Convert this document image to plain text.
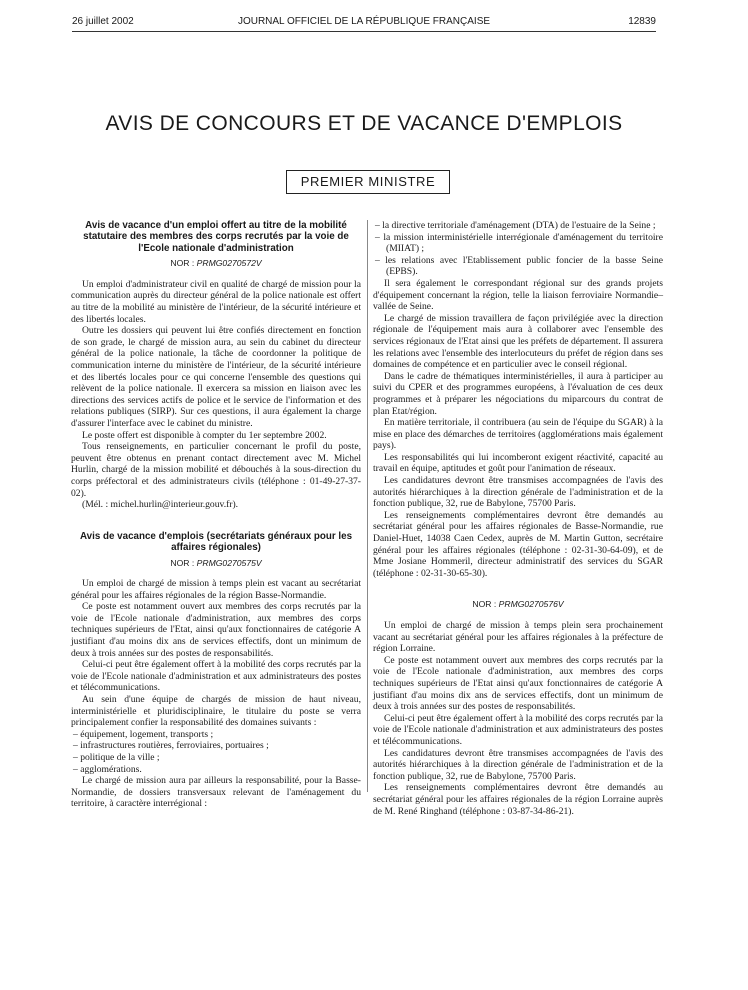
26 juillet 2002	JOURNAL OFFICIEL DE LA RÉPUBLIQUE FRANÇAISE	12839
AVIS DE CONCOURS ET DE VACANCE D'EMPLOIS
PREMIER MINISTRE
Avis de vacance d'un emploi offert au titre de la mobilité statutaire des membres des corps recrutés par la voie de l'Ecole nationale d'administration
NOR : PRMG0270572V

Un emploi d'administrateur civil en qualité de chargé de mission pour la communication auprès du directeur général de la police nationale est offert au titre de la mobilité au ministère de l'intérieur, de la sécurité intérieure et des libertés locales.

Outre les dossiers qui peuvent lui être confiés directement en fonction de son grade, le chargé de mission aura, au sein du cabinet du directeur général de la police nationale, la tâche de coordonner la politique de communication interne du ministère de l'intérieur, de la sécurité intérieure et des libertés locales pour ce qui concerne l'ensemble des questions qui relèvent de la police nationale. Il exercera sa mission en liaison avec les directions des services actifs de police et le service de l'information et des relations publiques (SIRP). Sur ces questions, il aura également la charge d'assurer l'interface avec le cabinet du ministre.

Le poste offert est disponible à compter du 1er septembre 2002.

Tous renseignements, en particulier concernant le profil du poste, peuvent être obtenus en prenant contact directement avec M. Michel Hurlin, chargé de la mission mobilité et débouchés à la sous-direction du corps préfectoral et des administrateurs civils (téléphone : 01-49-27-37-02).

(Mél. : michel.hurlin@interieur.gouv.fr).

Avis de vacance d'emplois (secrétariats généraux pour les affaires régionales)
NOR : PRMG0270575V

Un emploi de chargé de mission à temps plein est vacant au secrétariat général pour les affaires régionales de la région Basse-Normandie.

Ce poste est notamment ouvert aux membres des corps recrutés par la voie de l'Ecole nationale d'administration, aux membres des corps techniques supérieurs de l'Etat, ainsi qu'aux fonctionnaires de catégorie A justifiant d'au moins dix ans de services effectifs, dont un minimum de deux à trois années sur des postes de responsabilités.

Celui-ci peut être également offert à la mobilité des corps recrutés par la voie de l'Ecole nationale d'administration et aux administrateurs des postes et télécommunications.

Au sein d'une équipe de chargés de mission de haut niveau, interministérielle et pluridisciplinaire, le titulaire du poste se verra principalement confier la responsabilité des domaines suivants :

– équipement, logement, transports ;
– infrastructures routières, ferroviaires, portuaires ;
– politique de la ville ;
– agglomérations.

Le chargé de mission aura par ailleurs la responsabilité, pour la Basse-Normandie, de dossiers transversaux relevant de l'aménagement du territoire, à caractère interrégional :

– la directive territoriale d'aménagement (DTA) de l'estuaire de la Seine ;
– la mission interministérielle interrégionale d'aménagement du territoire (MIIAT) ;
– les relations avec l'Etablissement public foncier de la basse Seine (EPBS).

Il sera également le correspondant régional sur des grands projets d'équipement concernant la région, telle la liaison ferroviaire Normandie–vallée de Seine.

Le chargé de mission travaillera de façon privilégiée avec la direction régionale de l'équipement mais aura à collaborer avec l'ensemble des services régionaux de l'Etat ainsi que les préfets de département. Il assurera les relations avec l'ensemble des interlocuteurs du préfet de région dans ses domaines de compétence et en particulier avec le conseil régional.

Dans le cadre de thématiques interministérielles, il aura à participer au suivi du CPER et des programmes européens, à l'évaluation de ces deux programmes et à préparer les négociations du miparcours du contrat de plan Etat/région.

En matière territoriale, il contribuera (au sein de l'équipe du SGAR) à la mise en place des démarches de territoires (agglomérations mais également pays).

Les responsabilités qui lui incomberont exigent réactivité, capacité au travail en équipe, aptitudes et goût pour l'animation de réseaux.

Les candidatures devront être transmises accompagnées de l'avis des autorités hiérarchiques à la direction générale de l'administration et de la fonction publique, 32, rue de Babylone, 75700 Paris.

Les renseignements complémentaires devront être demandés au secrétariat général pour les affaires régionales de Basse-Normandie, rue Daniel-Huet, 14038 Caen Cedex, auprès de M. Martin Gutton, secrétaire général pour les affaires régionales (téléphone : 02-31-30-64-09), et de Mme Josiane Hommeril, directeur administratif des services du SGAR (téléphone : 02-31-30-65-30).

NOR : PRMG0270576V

Un emploi de chargé de mission à temps plein sera prochainement vacant au secrétariat général pour les affaires régionales à la préfecture de région Lorraine.

Ce poste est notamment ouvert aux membres des corps recrutés par la voie de l'Ecole nationale d'administration, aux membres des corps techniques supérieurs de l'Etat ainsi qu'aux fonctionnaires de catégorie A justifiant d'au moins dix ans de services effectifs, dont un minimum de deux à trois années sur des postes de responsabilités.

Celui-ci peut être également offert à la mobilité des corps recrutés par la voie de l'Ecole nationale d'administration et aux administrateurs des postes et télécommunications.

Les candidatures devront être transmises accompagnées de l'avis des autorités hiérarchiques à la direction générale de l'administration et de la fonction publique, 32, rue de Babylone, 75700 Paris.

Les renseignements complémentaires devront être demandés au secrétariat général pour les affaires régionales de la région Lorraine auprès de M. René Ringhand (téléphone : 03-87-34-86-21).
